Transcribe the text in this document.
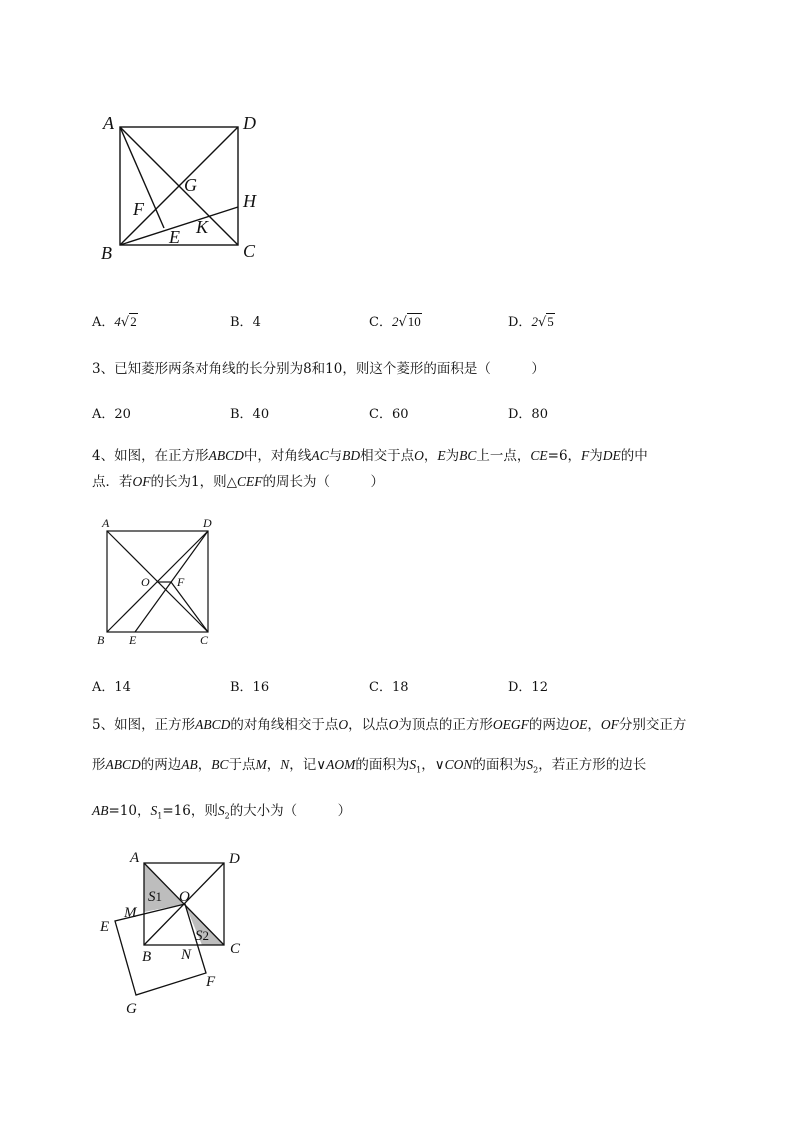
A	D
G
H
F
K
E
B	C
A．4√2	B．4	C．2√10	D．2√5
3、已知菱形两条对角线的长分别为8和10，则这个菱形的面积是（　　　）
A．20	B．40	C．60	D．80
4、如图，在正方形ABCD中，对角线AC与BD相交于点O，E为BC上一点，CE=6，F为DE的中
点．若OF的长为1，则△CEF的周长为（　　　）
A	D
O F
B E	C
A．14	B．16	C．18	D．12
5、如图，正方形ABCD的对角线相交于点O，以点O为顶点的正方形OEGF的两边OE，OF分别交正方
形ABCD的两边AB，BC于点M，N，记∨AOM的面积为$S_1$，∨CON的面积为$S_2$，若正方形的边长
AB=10，$S_1=16$，则$S_2$的大小为（　　　）
A	D
S1 O
M
E
S2
C
B N
F
G
